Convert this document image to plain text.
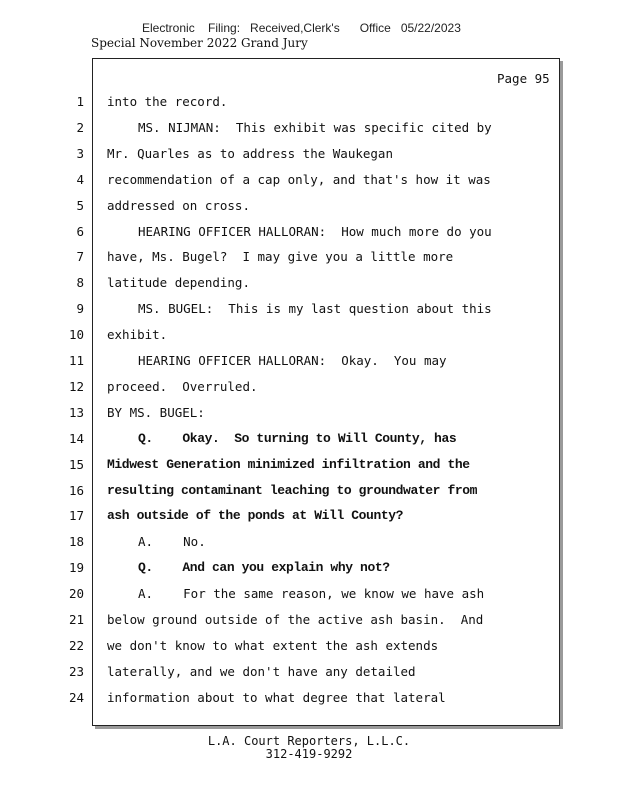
Electronic    Filing:   Received,Clerk's      Office   05/22/2023
Special November 2022 Grand Jury
Page 95
1 into the record.
2	MS. NIJMAN:  This exhibit was specific cited by
3 Mr. Quarles as to address the Waukegan
4 recommendation of a cap only, and that's how it was
5 addressed on cross.
6	HEARING OFFICER HALLORAN:  How much more do you
7 have, Ms. Bugel?  I may give you a little more
8 latitude depending.
9	MS. BUGEL:  This is my last question about this
10 exhibit.
11	HEARING OFFICER HALLORAN:  Okay.  You may
12 proceed.  Overruled.
13 BY MS. BUGEL:
14	Q.    Okay.  So turning to Will County, has
15 Midwest Generation minimized infiltration and the
16 resulting contaminant leaching to groundwater from
17 ash outside of the ponds at Will County?
18	A.    No.
19	Q.    And can you explain why not?
20	A.    For the same reason, we know we have ash
21 below ground outside of the active ash basin.  And
22 we don't know to what extent the ash extends
23 laterally, and we don't have any detailed
24 information about to what degree that lateral
L.A. Court Reporters, L.L.C.
312-419-9292
